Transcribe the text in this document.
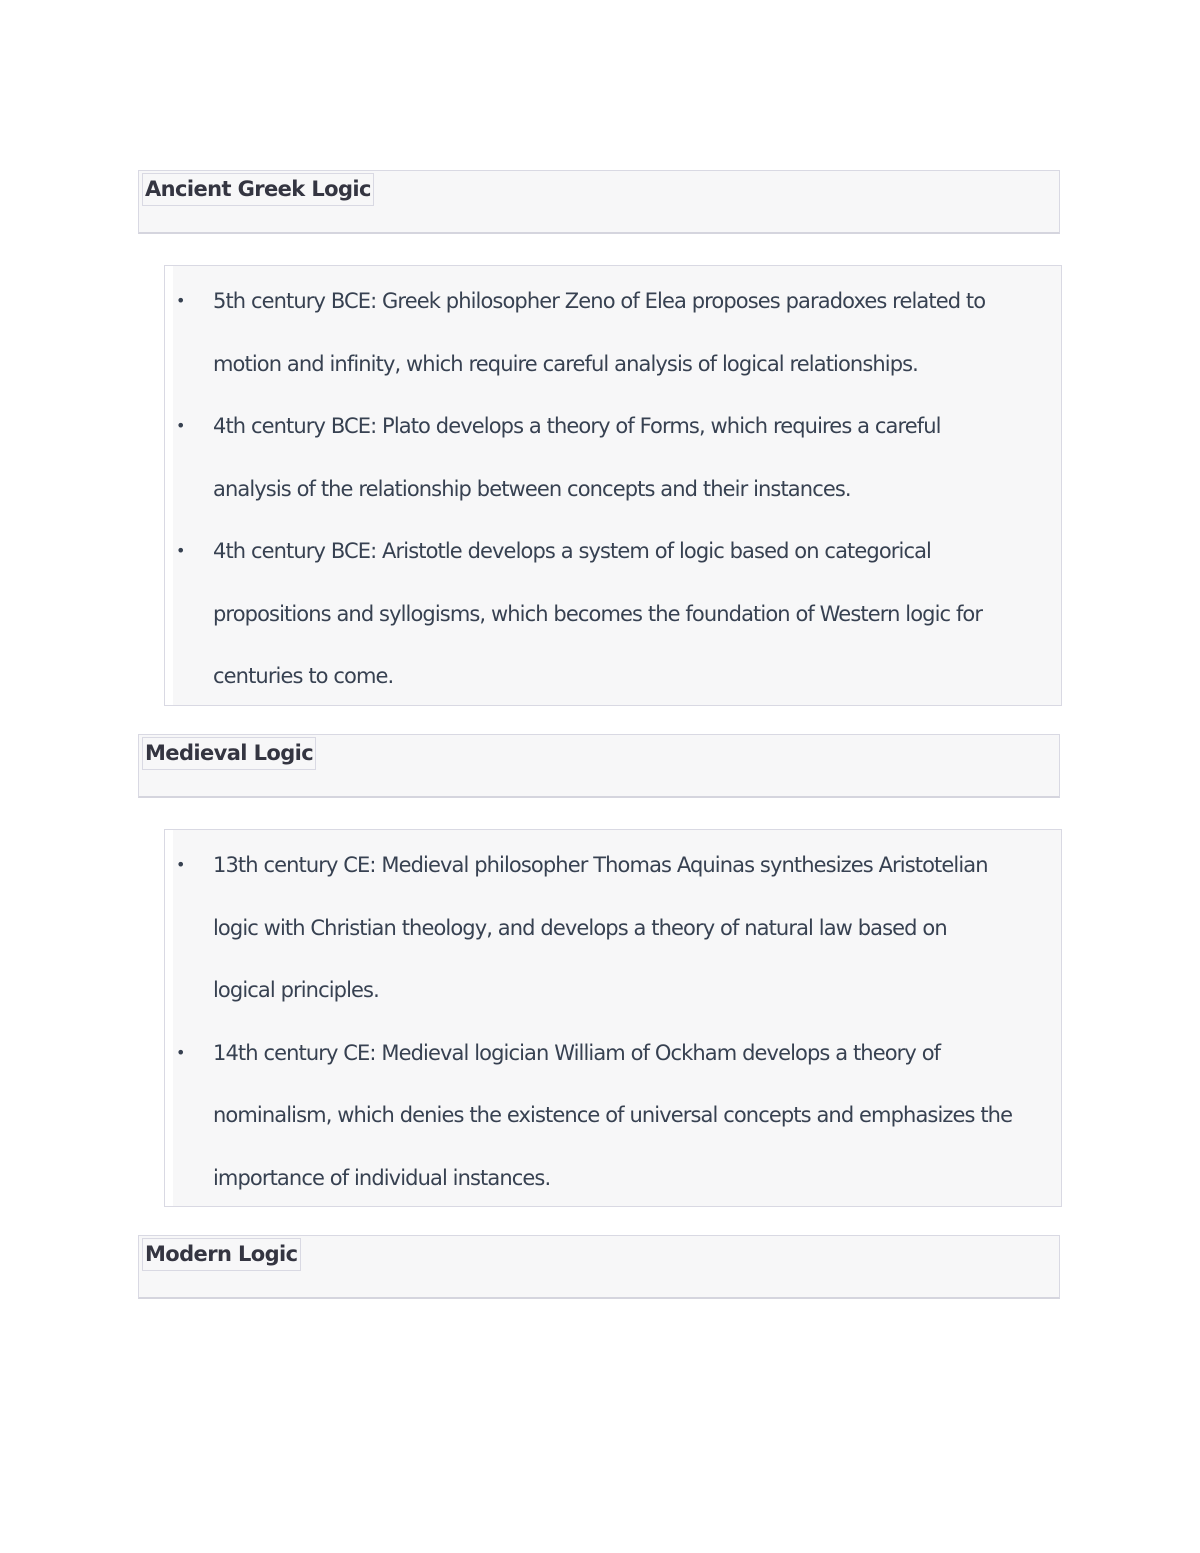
Ancient Greek Logic
• 5th century BCE: Greek philosopher Zeno of Elea proposes paradoxes related to
motion and infinity, which require careful analysis of logical relationships.
• 4th century BCE: Plato develops a theory of Forms, which requires a careful
analysis of the relationship between concepts and their instances.
• 4th century BCE: Aristotle develops a system of logic based on categorical
propositions and syllogisms, which becomes the foundation of Western logic for
centuries to come.
Medieval Logic
• 13th century CE: Medieval philosopher Thomas Aquinas synthesizes Aristotelian
logic with Christian theology, and develops a theory of natural law based on
logical principles.
• 14th century CE: Medieval logician William of Ockham develops a theory of
nominalism, which denies the existence of universal concepts and emphasizes the
importance of individual instances.
Modern Logic
